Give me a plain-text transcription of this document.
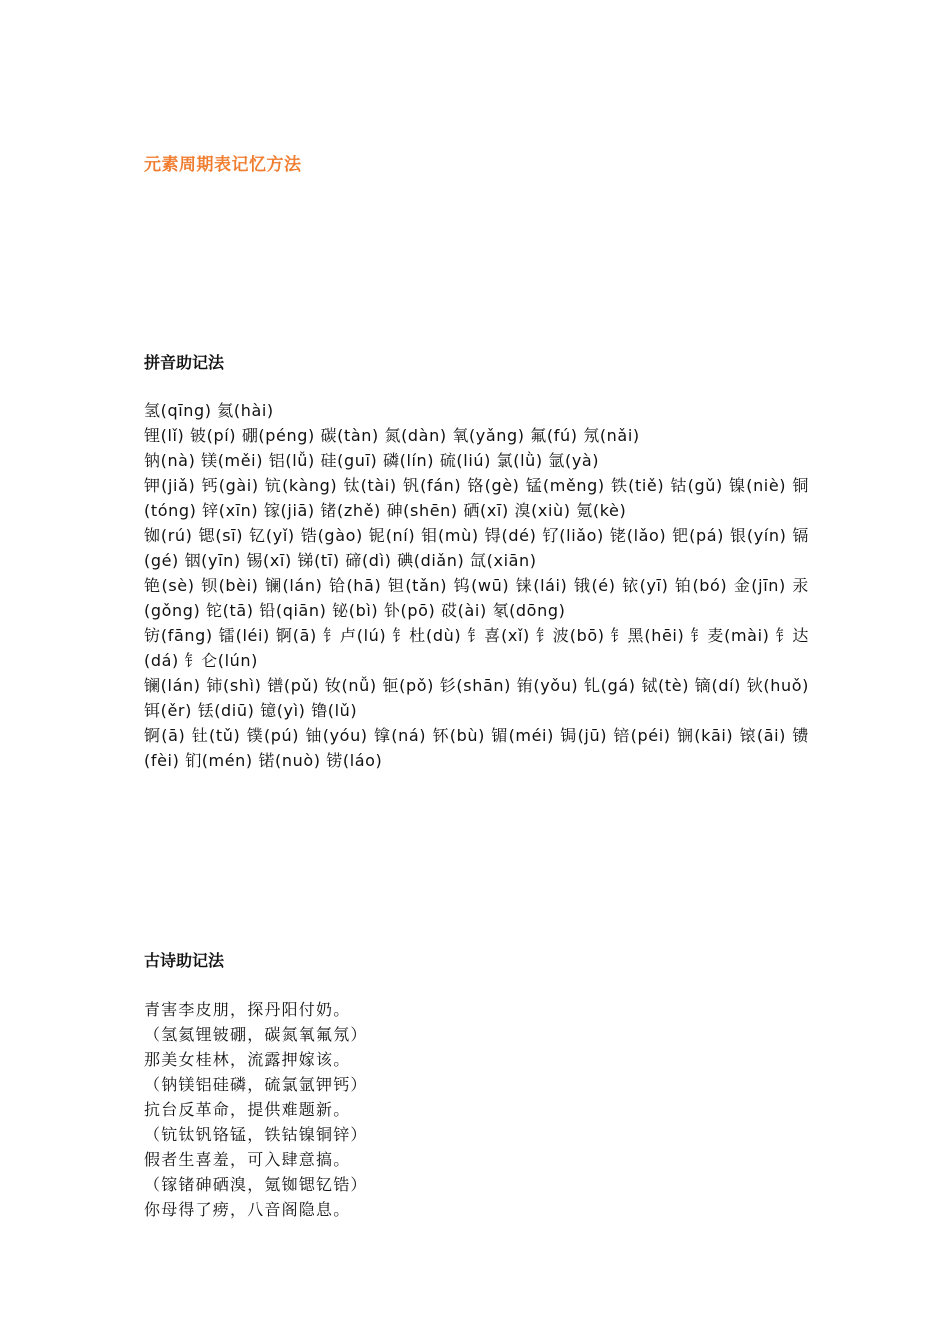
元素周期表记忆方法
拼音助记法
氢(qīng) 氦(hài)
锂(lǐ) 铍(pí) 硼(péng) 碳(tàn) 氮(dàn) 氧(yǎng) 氟(fú) 氖(nǎi)
钠(nà) 镁(měi) 铝(lǚ) 硅(guī) 磷(lín) 硫(liú) 氯(lǜ) 氩(yà)
钾(jiǎ) 钙(gài) 钪(kàng) 钛(tài) 钒(fán) 铬(gè) 锰(měng) 铁(tiě) 钴(gǔ) 镍(niè) 铜(tóng) 锌(xīn) 镓(jiā) 锗(zhě) 砷(shēn) 硒(xī) 溴(xiù) 氪(kè)
铷(rú) 锶(sī) 钇(yǐ) 锆(gào) 铌(ní) 钼(mù) 锝(dé) 钌(liǎo) 铑(lǎo) 钯(pá) 银(yín) 镉(gé) 铟(yīn) 锡(xī) 锑(tī) 碲(dì) 碘(diǎn) 氙(xiān)
铯(sè) 钡(bèi) 镧(lán) 铪(hā) 钽(tǎn) 钨(wū) 铼(lái) 锇(é) 铱(yī) 铂(bó) 金(jīn) 汞(gǒng) 铊(tā) 铅(qiān) 铋(bì) 钋(pō) 砹(ài) 氡(dōng)
钫(fāng) 镭(léi) 锕(ā) 钅卢(lú) 钅杜(dù) 钅喜(xǐ) 钅波(bō) 钅黑(hēi) 钅麦(mài) 钅达(dá) 钅仑(lún)
镧(lán) 铈(shì) 镨(pǔ) 钕(nǚ) 钷(pǒ) 钐(shān) 铕(yǒu) 钆(gá) 铽(tè) 镝(dí) 钬(huǒ) 铒(ěr) 铥(diū) 镱(yì) 镥(lǔ)
锕(ā) 钍(tǔ) 镤(pú) 铀(yóu) 镎(ná) 钚(bù) 镅(méi) 锔(jū) 锫(péi) 锎(kāi) 锿(āi) 镄(fèi) 钔(mén) 锘(nuò) 铹(láo)
古诗助记法
青害李皮朋，探丹阳付奶。
（氢氦锂铍硼，碳氮氧氟氖）
那美女桂林，流露押嫁该。
（钠镁铝硅磷，硫氯氩钾钙）
抗台反革命，提供难题新。
（钪钛钒铬锰，铁钴镍铜锌）
假者生喜羞，可入肆意搞。
（镓锗砷硒溴，氪铷锶钇锆）
你母得了痨，八音阁隐息。
